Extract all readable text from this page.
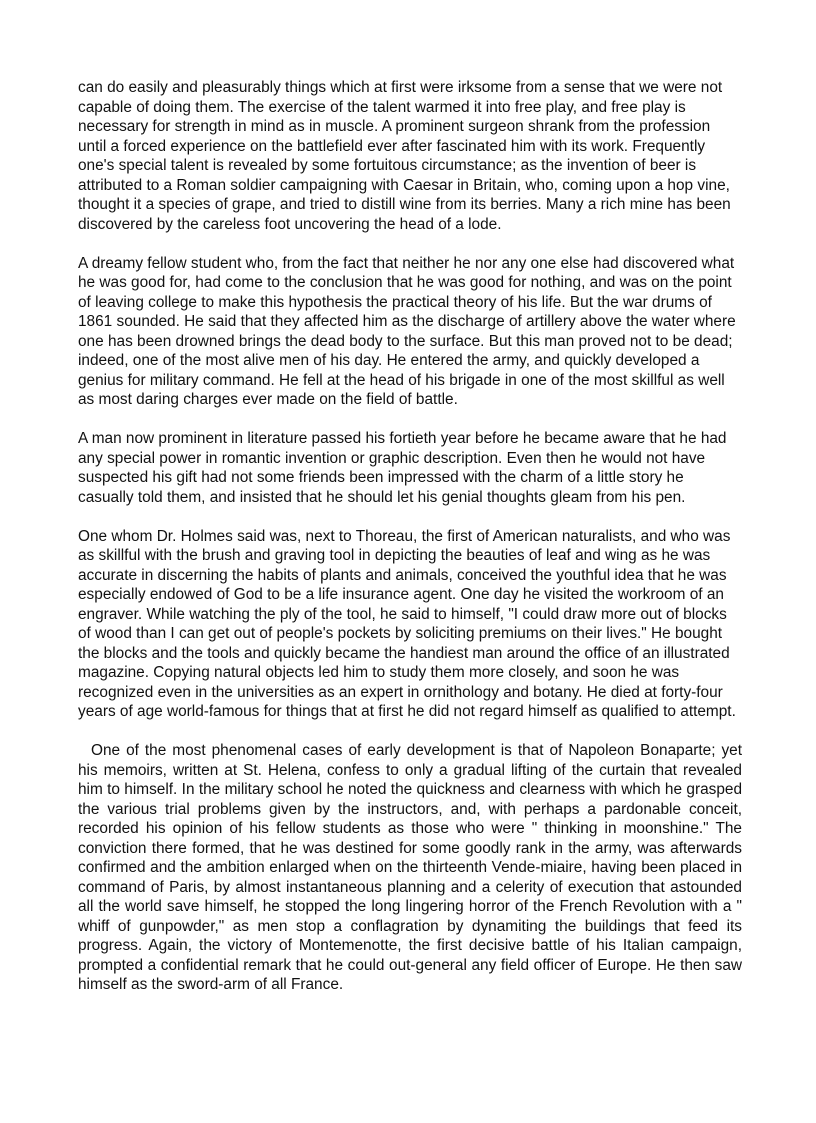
can do easily and pleasurably things which at first were irksome from a sense that we were not capable of doing them. The exercise of the talent warmed it into free play, and free play is necessary for strength in mind as in muscle. A prominent surgeon shrank from the profession until a forced experience on the battlefield ever after fascinated him with its work. Frequently one's special talent is revealed by some fortuitous circumstance; as the invention of beer is attributed to a Roman soldier campaigning with Caesar in Britain, who, coming upon a hop vine, thought it a species of grape, and tried to distill wine from its berries. Many a rich mine has been discovered by the careless foot uncovering the head of a lode.

A dreamy fellow student who, from the fact that neither he nor any one else had discovered what he was good for, had come to the conclusion that he was good for nothing, and was on the point of leaving college to make this hypothesis the practical theory of his life. But the war drums of 1861 sounded. He said that they affected him as the discharge of artillery above the water where one has been drowned brings the dead body to the surface. But this man proved not to be dead; indeed, one of the most alive men of his day. He entered the army, and quickly developed a genius for military command. He fell at the head of his brigade in one of the most skillful as well as most daring charges ever made on the field of battle.

A man now prominent in literature passed his fortieth year before he became aware that he had any special power in romantic invention or graphic description. Even then he would not have suspected his gift had not some friends been impressed with the charm of a little story he casually told them, and insisted that he should let his genial thoughts gleam from his pen.

One whom Dr. Holmes said was, next to Thoreau, the first of American naturalists, and who was as skillful with the brush and graving tool in depicting the beauties of leaf and wing as he was accurate in discerning the habits of plants and animals, conceived the youthful idea that he was especially endowed of God to be a life insurance agent. One day he visited the workroom of an engraver. While watching the ply of the tool, he said to himself, "I could draw more out of blocks of wood than I can get out of people's pockets by soliciting premiums on their lives." He bought the blocks and the tools and quickly became the handiest man around the office of an illustrated magazine. Copying natural objects led him to study them more closely, and soon he was recognized even in the universities as an expert in ornithology and botany. He died at forty-four years of age world-famous for things that at first he did not regard himself as qualified to attempt.

One of the most phenomenal cases of early development is that of Napoleon Bonaparte; yet his memoirs, written at St. Helena, confess to only a gradual lifting of the curtain that revealed him to himself. In the military school he noted the quickness and clearness with which he grasped the various trial problems given by the instructors, and, with perhaps a pardonable conceit, recorded his opinion of his fellow students as those who were " thinking in moonshine." The conviction there formed, that he was destined for some goodly rank in the army, was afterwards confirmed and the ambition enlarged when on the thirteenth Vende-miaire, having been placed in command of Paris, by almost instantaneous planning and a celerity of execution that astounded all the world save himself, he stopped the long lingering horror of the French Revolution with a " whiff of gunpowder," as men stop a conflagration by dynamiting the buildings that feed its progress. Again, the victory of Montemenotte, the first decisive battle of his Italian campaign, prompted a confidential remark that he could out-general any field officer of Europe. He then saw himself as the sword-arm of all France.
